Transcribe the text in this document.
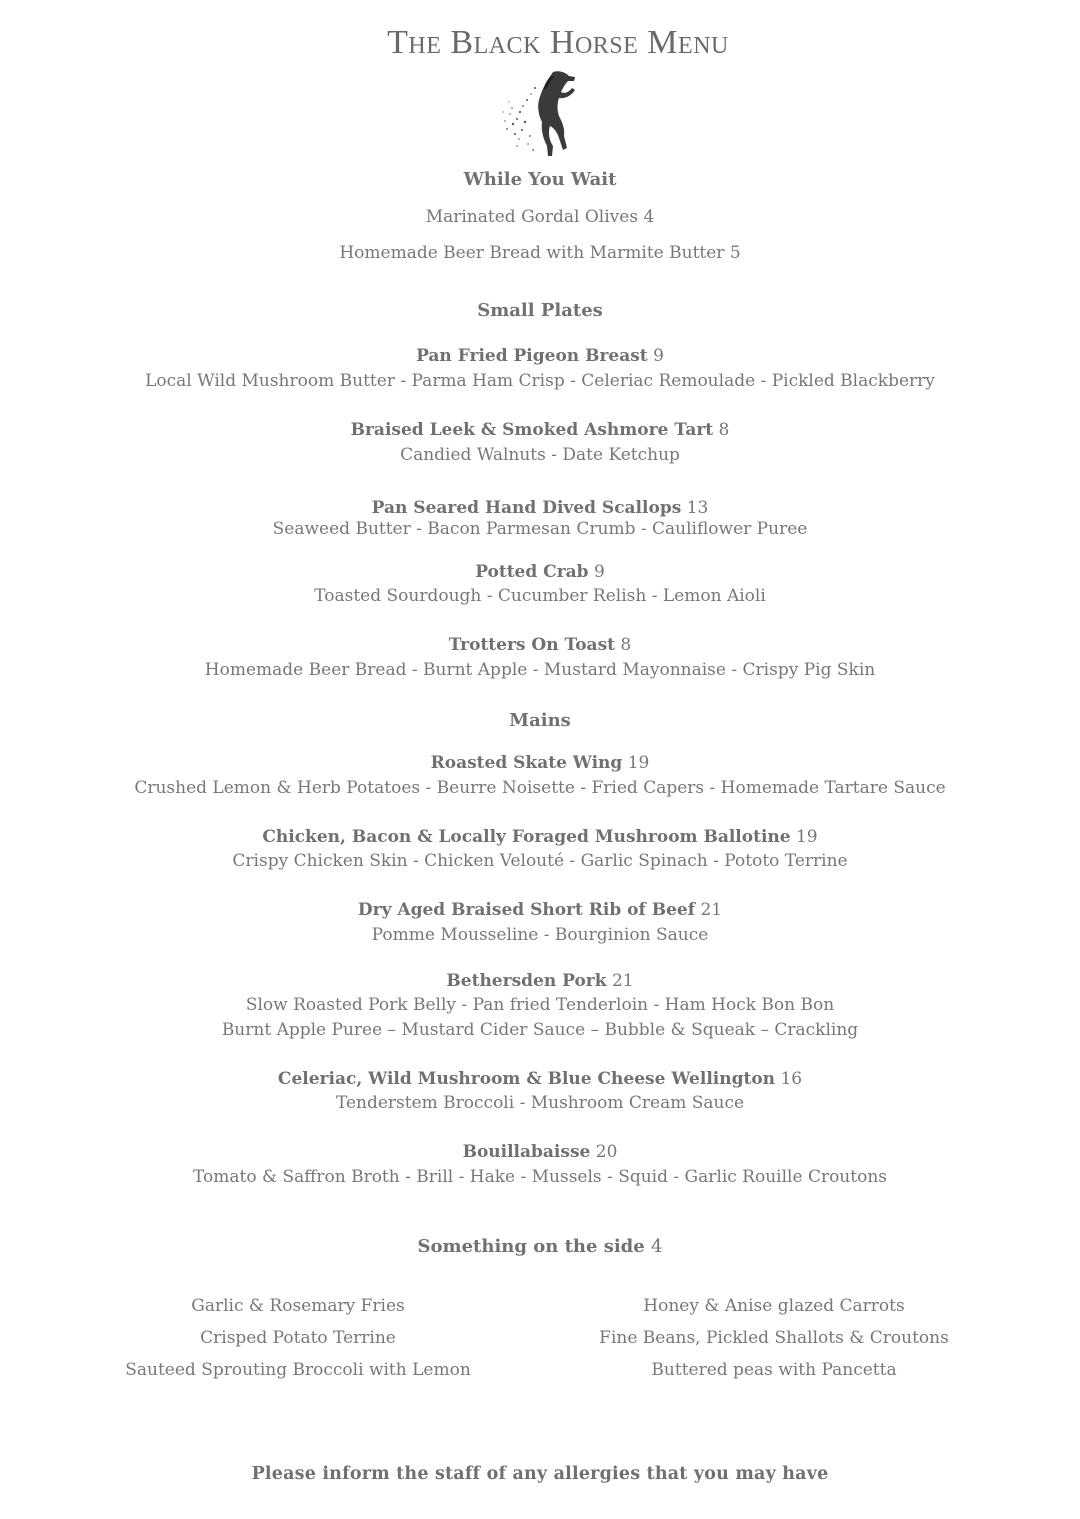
The Black Horse Menu
While You Wait
Marinated Gordal Olives 4
Homemade Beer Bread with Marmite Butter 5
Small Plates
Pan Fried Pigeon Breast 9
Local Wild Mushroom Butter - Parma Ham Crisp - Celeriac Remoulade - Pickled Blackberry
Braised Leek & Smoked Ashmore Tart 8
Candied Walnuts - Date Ketchup
Pan Seared Hand Dived Scallops 13
Seaweed Butter - Bacon Parmesan Crumb - Cauliflower Puree
Potted Crab 9
Toasted Sourdough - Cucumber Relish - Lemon Aioli
Trotters On Toast 8
Homemade Beer Bread - Burnt Apple - Mustard Mayonnaise - Crispy Pig Skin
Mains
Roasted Skate Wing 19
Crushed Lemon & Herb Potatoes - Beurre Noisette - Fried Capers - Homemade Tartare Sauce
Chicken, Bacon & Locally Foraged Mushroom Ballotine 19
Crispy Chicken Skin - Chicken Velouté - Garlic Spinach - Pototo Terrine
Dry Aged Braised Short Rib of Beef 21
Pomme Mousseline - Bourginion Sauce
Bethersden Pork 21
Slow Roasted Pork Belly - Pan fried Tenderloin - Ham Hock Bon Bon
Burnt Apple Puree – Mustard Cider Sauce – Bubble & Squeak – Crackling
Celeriac, Wild Mushroom & Blue Cheese Wellington 16
Tenderstem Broccoli - Mushroom Cream Sauce
Bouillabaisse 20
Tomato & Saffron Broth - Brill - Hake - Mussels - Squid - Garlic Rouille Croutons
Something on the side 4
Garlic & Rosemary Fries
Crisped Potato Terrine
Sauteed Sprouting Broccoli with Lemon
Honey & Anise glazed Carrots
Fine Beans, Pickled Shallots & Croutons
Buttered peas with Pancetta
Please inform the staff of any allergies that you may have
